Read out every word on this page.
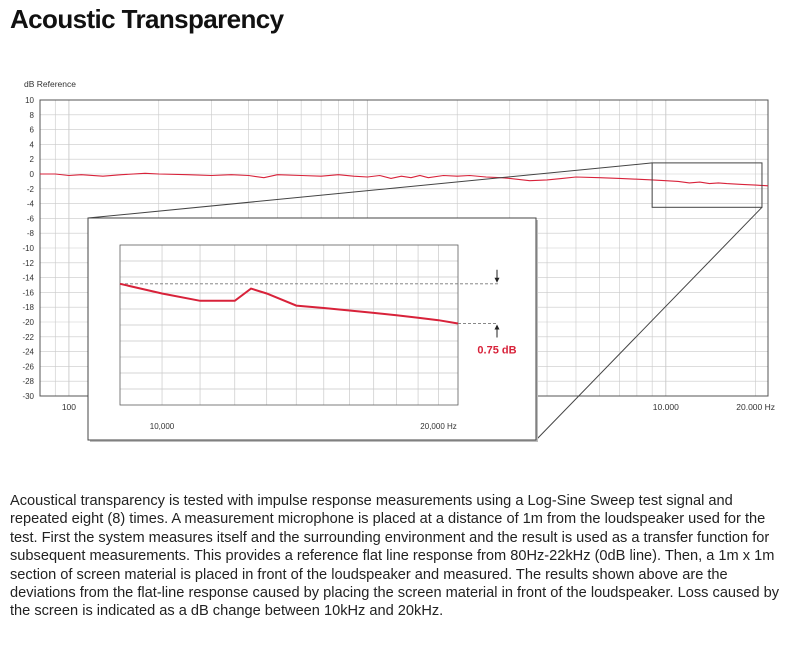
Acoustic Transparency
dB Reference
10
8
6
4
2
0
-2
-4
-6
-8
-10
-12
-14
-16
-18
-20
-22
-24
-26
-28
-30
100	10.000	20.000 Hz
0.75 dB
10,000	20,000 Hz

Acoustical transparency is tested with impulse response measurements using a Log-Sine Sweep test signal and repeated eight (8) times. A measurement microphone is placed at a distance of 1m from the loudspeaker used for the test. First the system measures itself and the surrounding environment and the result is used as a transfer function for subsequent measurements. This provides a reference flat line response from 80Hz-22kHz (0dB line). Then, a 1m x 1m section of screen material is placed in front of the loudspeaker and measured. The results shown above are the deviations from the flat-line response caused by placing the screen material in front of the loudspeaker. Loss caused by the screen is indicated as a dB change between 10kHz and 20kHz.
